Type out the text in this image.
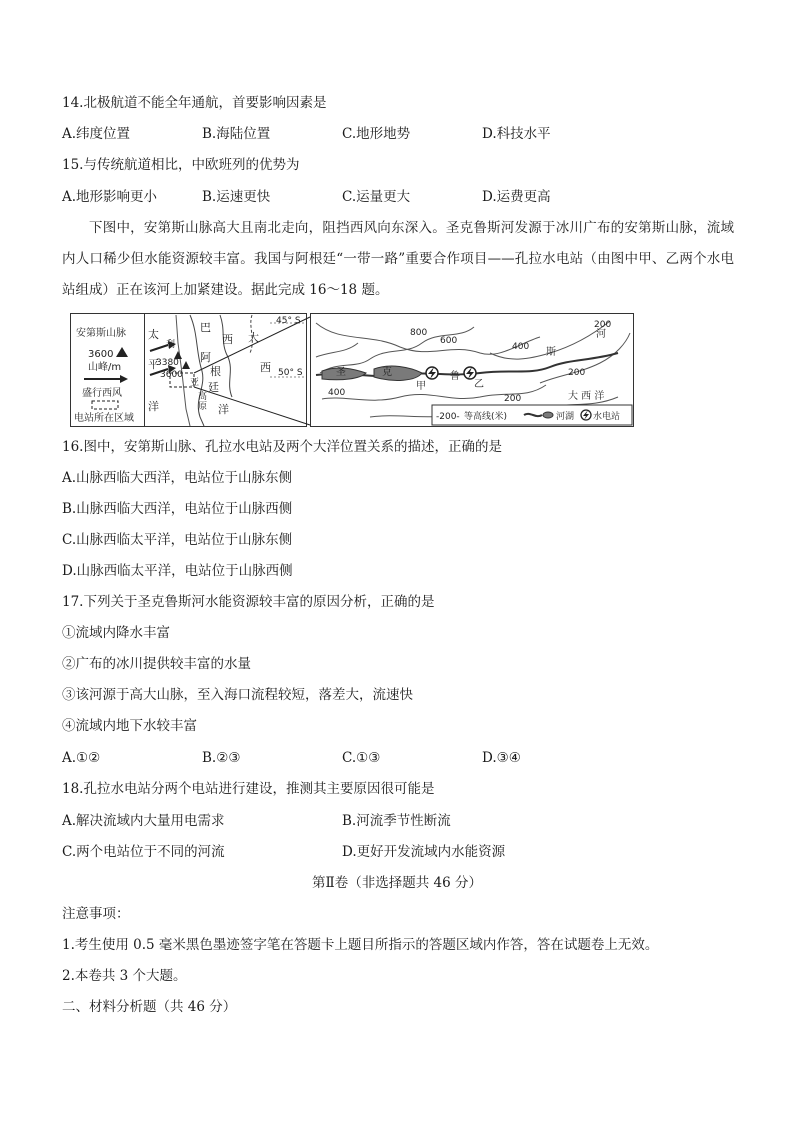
14.北极航道不能全年通航，首要影响因素是
A.纬度位置	B.海陆位置	C.地形地势	D.科技水平
15.与传统航道相比，中欧班列的优势为
A.地形影响更小	B.运速更快	C.运量更大	D.运费更高
下图中，安第斯山脉高大且南北走向，阻挡西风向东深入。圣克鲁斯河发源于冰川广布的安第斯山脉，流域内人口稀少但水能资源较丰富。我国与阿根廷“一带一路”重要合作项目——孔拉水电站（由图中甲、乙两个水电站组成）正在该河上加紧建设。据此完成 16～18 题。
安第斯山脉
3600
山峰/m
盛行西风
电站所在区域
太
平
洋
巴
西
阿
根
廷
利
亚
原
高
大
西
洋
3380
3600
45° S
50° S	圣	克	鲁
斯
河
甲	乙
800
600
400
200
400
200
200	大 西 洋
-200- 等高线(米)	河湖 水电站
16.图中，安第斯山脉、孔拉水电站及两个大洋位置关系的描述，正确的是
A.山脉西临大西洋，电站位于山脉东侧
B.山脉西临大西洋，电站位于山脉西侧
C.山脉西临太平洋，电站位于山脉东侧
D.山脉西临太平洋，电站位于山脉西侧
17.下列关于圣克鲁斯河水能资源较丰富的原因分析，正确的是
①流域内降水丰富
②广布的冰川提供较丰富的水量
③该河源于高大山脉，至入海口流程较短，落差大，流速快
④流域内地下水较丰富
A.①②	B.②③	C.①③	D.③④
18.孔拉水电站分两个电站进行建设，推测其主要原因很可能是
A.解决流域内大量用电需求	B.河流季节性断流
C.两个电站位于不同的河流	D.更好开发流域内水能资源
第Ⅱ卷（非选择题共 46 分）
注意事项：
1.考生使用 0.5 毫米黑色墨迹签字笔在答题卡上题目所指示的答题区域内作答，答在试题卷上无效。
2.本卷共 3 个大题。
二、材料分析题（共 46 分）
